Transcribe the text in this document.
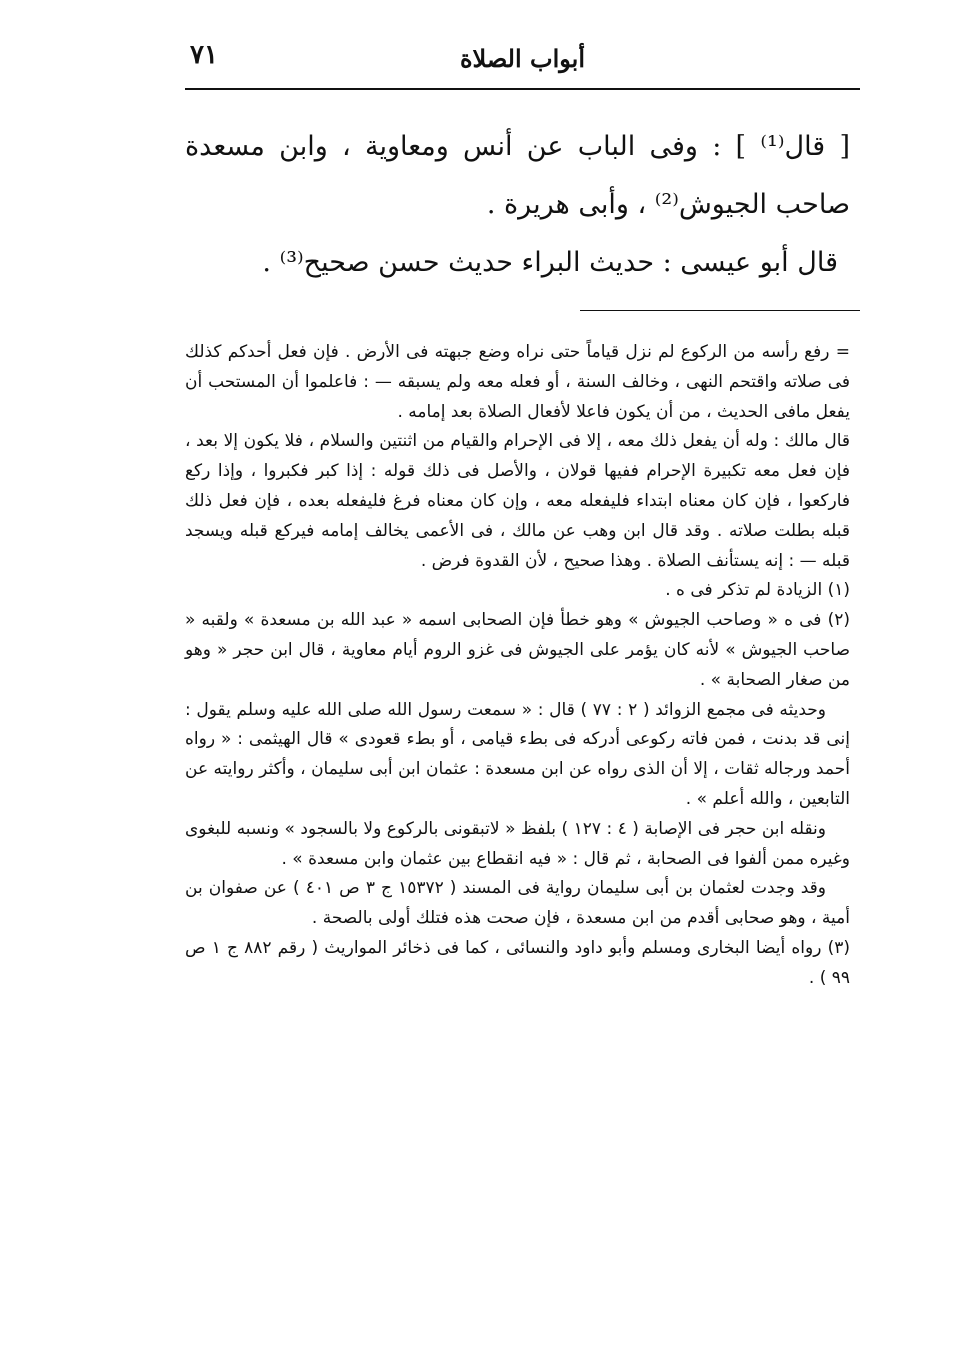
٧١	أبواب الصلاة

[ قال⁽¹⁾ ] : وفى الباب عن أنس ومعاوية ، وابن مسعدة صاحب الجيوش⁽²⁾ ، وأبى هريرة .

قال أبو عيسى : حديث البراء حديث حسن صحيح⁽³⁾ .

= رفع رأسه من الركوع لم نزل قياماً حتى نراه وضع جبهته فى الأرض . فإن فعل أحدكم كذلك فى صلاته واقتحم النهى ، وخالف السنة ، أو فعله معه ولم يسبقه — : فاعلموا أن المستحب أن يفعل مافى الحديث ، من أن يكون فاعلا لأفعال الصلاة بعد إمامه .

قال مالك : وله أن يفعل ذلك معه ، إلا فى الإحرام والقيام من اثنتين والسلام ، فلا يكون إلا بعد ، فإن فعل معه تكبيرة الإحرام ففيها قولان ، والأصل فى ذلك قوله : إذا كبر فكبروا ، وإذا ركع فاركعوا ، فإن كان معناه ابتداء فليفعله معه ، وإن كان معناه فرغ فليفعله بعده ، فإن فعل ذلك قبله بطلت صلاته . وقد قال ابن وهب عن مالك ، فى الأعمى يخالف إمامه فيركع قبله ويسجد قبله — : إنه يستأنف الصلاة . وهذا صحيح ، لأن القدوة فرض .

(١) الزيادة لم تذكر فى ه .

(٢) فى ه « وصاحب الجيوش » وهو خطأ فإن الصحابى اسمه « عبد الله بن مسعدة » ولقبه « صاحب الجيوش » لأنه كان يؤمر على الجيوش فى غزو الروم أيام معاوية ، قال ابن حجر « وهو من صغار الصحابة » .

وحديثه فى مجمع الزوائد ( ٢ : ٧٧ ) قال : « سمعت رسول الله صلى الله عليه وسلم يقول : إنى قد بدنت ، فمن فاته ركوعى أدركه فى بطء قيامى ، أو بطء قعودى » قال الهيثمى : « رواه أحمد ورجاله ثقات ، إلا أن الذى رواه عن ابن مسعدة : عثمان ابن أبى سليمان ، وأكثر روايته عن التابعين ، والله أعلم » .

ونقله ابن حجر فى الإصابة ( ٤ : ١٢٧ ) بلفظ « لاتبقونى بالركوع ولا بالسجود » ونسبه للبغوى وغيره ممن ألفوا فى الصحابة ، ثم قال : « فيه انقطاع بين عثمان وابن مسعدة » .

وقد وجدت لعثمان بن أبى سليمان رواية فى المسند ( ١٥٣٧٢ ج ٣ ص ٤٠١ ) عن صفوان بن أمية ، وهو صحابى أقدم من ابن مسعدة ، فإن صحت هذه فتلك أولى بالصحة .

(٣) رواه أيضا البخارى ومسلم وأبو داود والنسائى ، كما فى ذخائر المواريث ( رقم ٨٨٢ ج ١ ص ٩٩ ) .
